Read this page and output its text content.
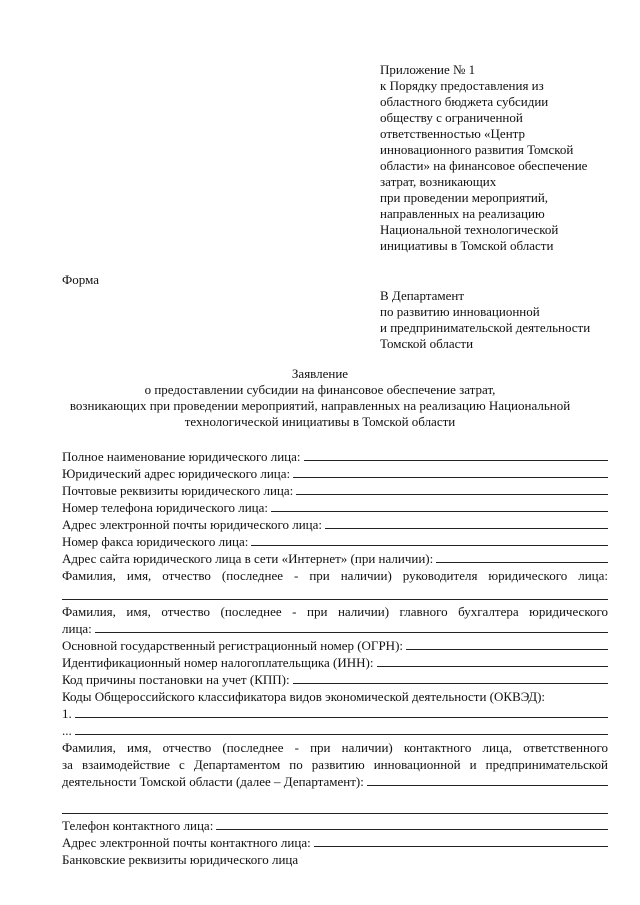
Приложение № 1
к Порядку предоставления из
областного бюджета субсидии
обществу с ограниченной
ответственностью «Центр
инновационного развития Томской
области» на финансовое обеспечение
затрат, возникающих
при проведении мероприятий,
направленных на реализацию
Национальной технологической
инициативы в Томской области
Форма
В Департамент
по развитию инновационной
и предпринимательской деятельности
Томской области
Заявление
о предоставлении субсидии на финансовое обеспечение затрат,
возникающих при проведении мероприятий, направленных на реализацию Национальной
технологической инициативы в Томской области
Полное наименование юридического лица:
Юридический адрес юридического лица:
Почтовые реквизиты юридического лица:
Номер телефона юридического лица:
Адрес электронной почты юридического лица:
Номер факса юридического лица:
Адрес сайта юридического лица в сети «Интернет» (при наличии):
Фамилия, имя, отчество (последнее - при наличии) руководителя юридического лица:
Фамилия, имя, отчество (последнее - при наличии) главного бухгалтера юридического
лица:
Основной государственный регистрационный номер (ОГРН):
Идентификационный номер налогоплательщика (ИНН):
Код причины постановки на учет (КПП):
Коды Общероссийского классификатора видов экономической деятельности (ОКВЭД):
1.
...
Фамилия, имя, отчество (последнее - при наличии) контактного лица, ответственного
за взаимодействие с Департаментом по развитию инновационной и предпринимательской
деятельности Томской области (далее – Департамент):
Телефон контактного лица:
Адрес электронной почты контактного лица:
Банковские реквизиты юридического лица
